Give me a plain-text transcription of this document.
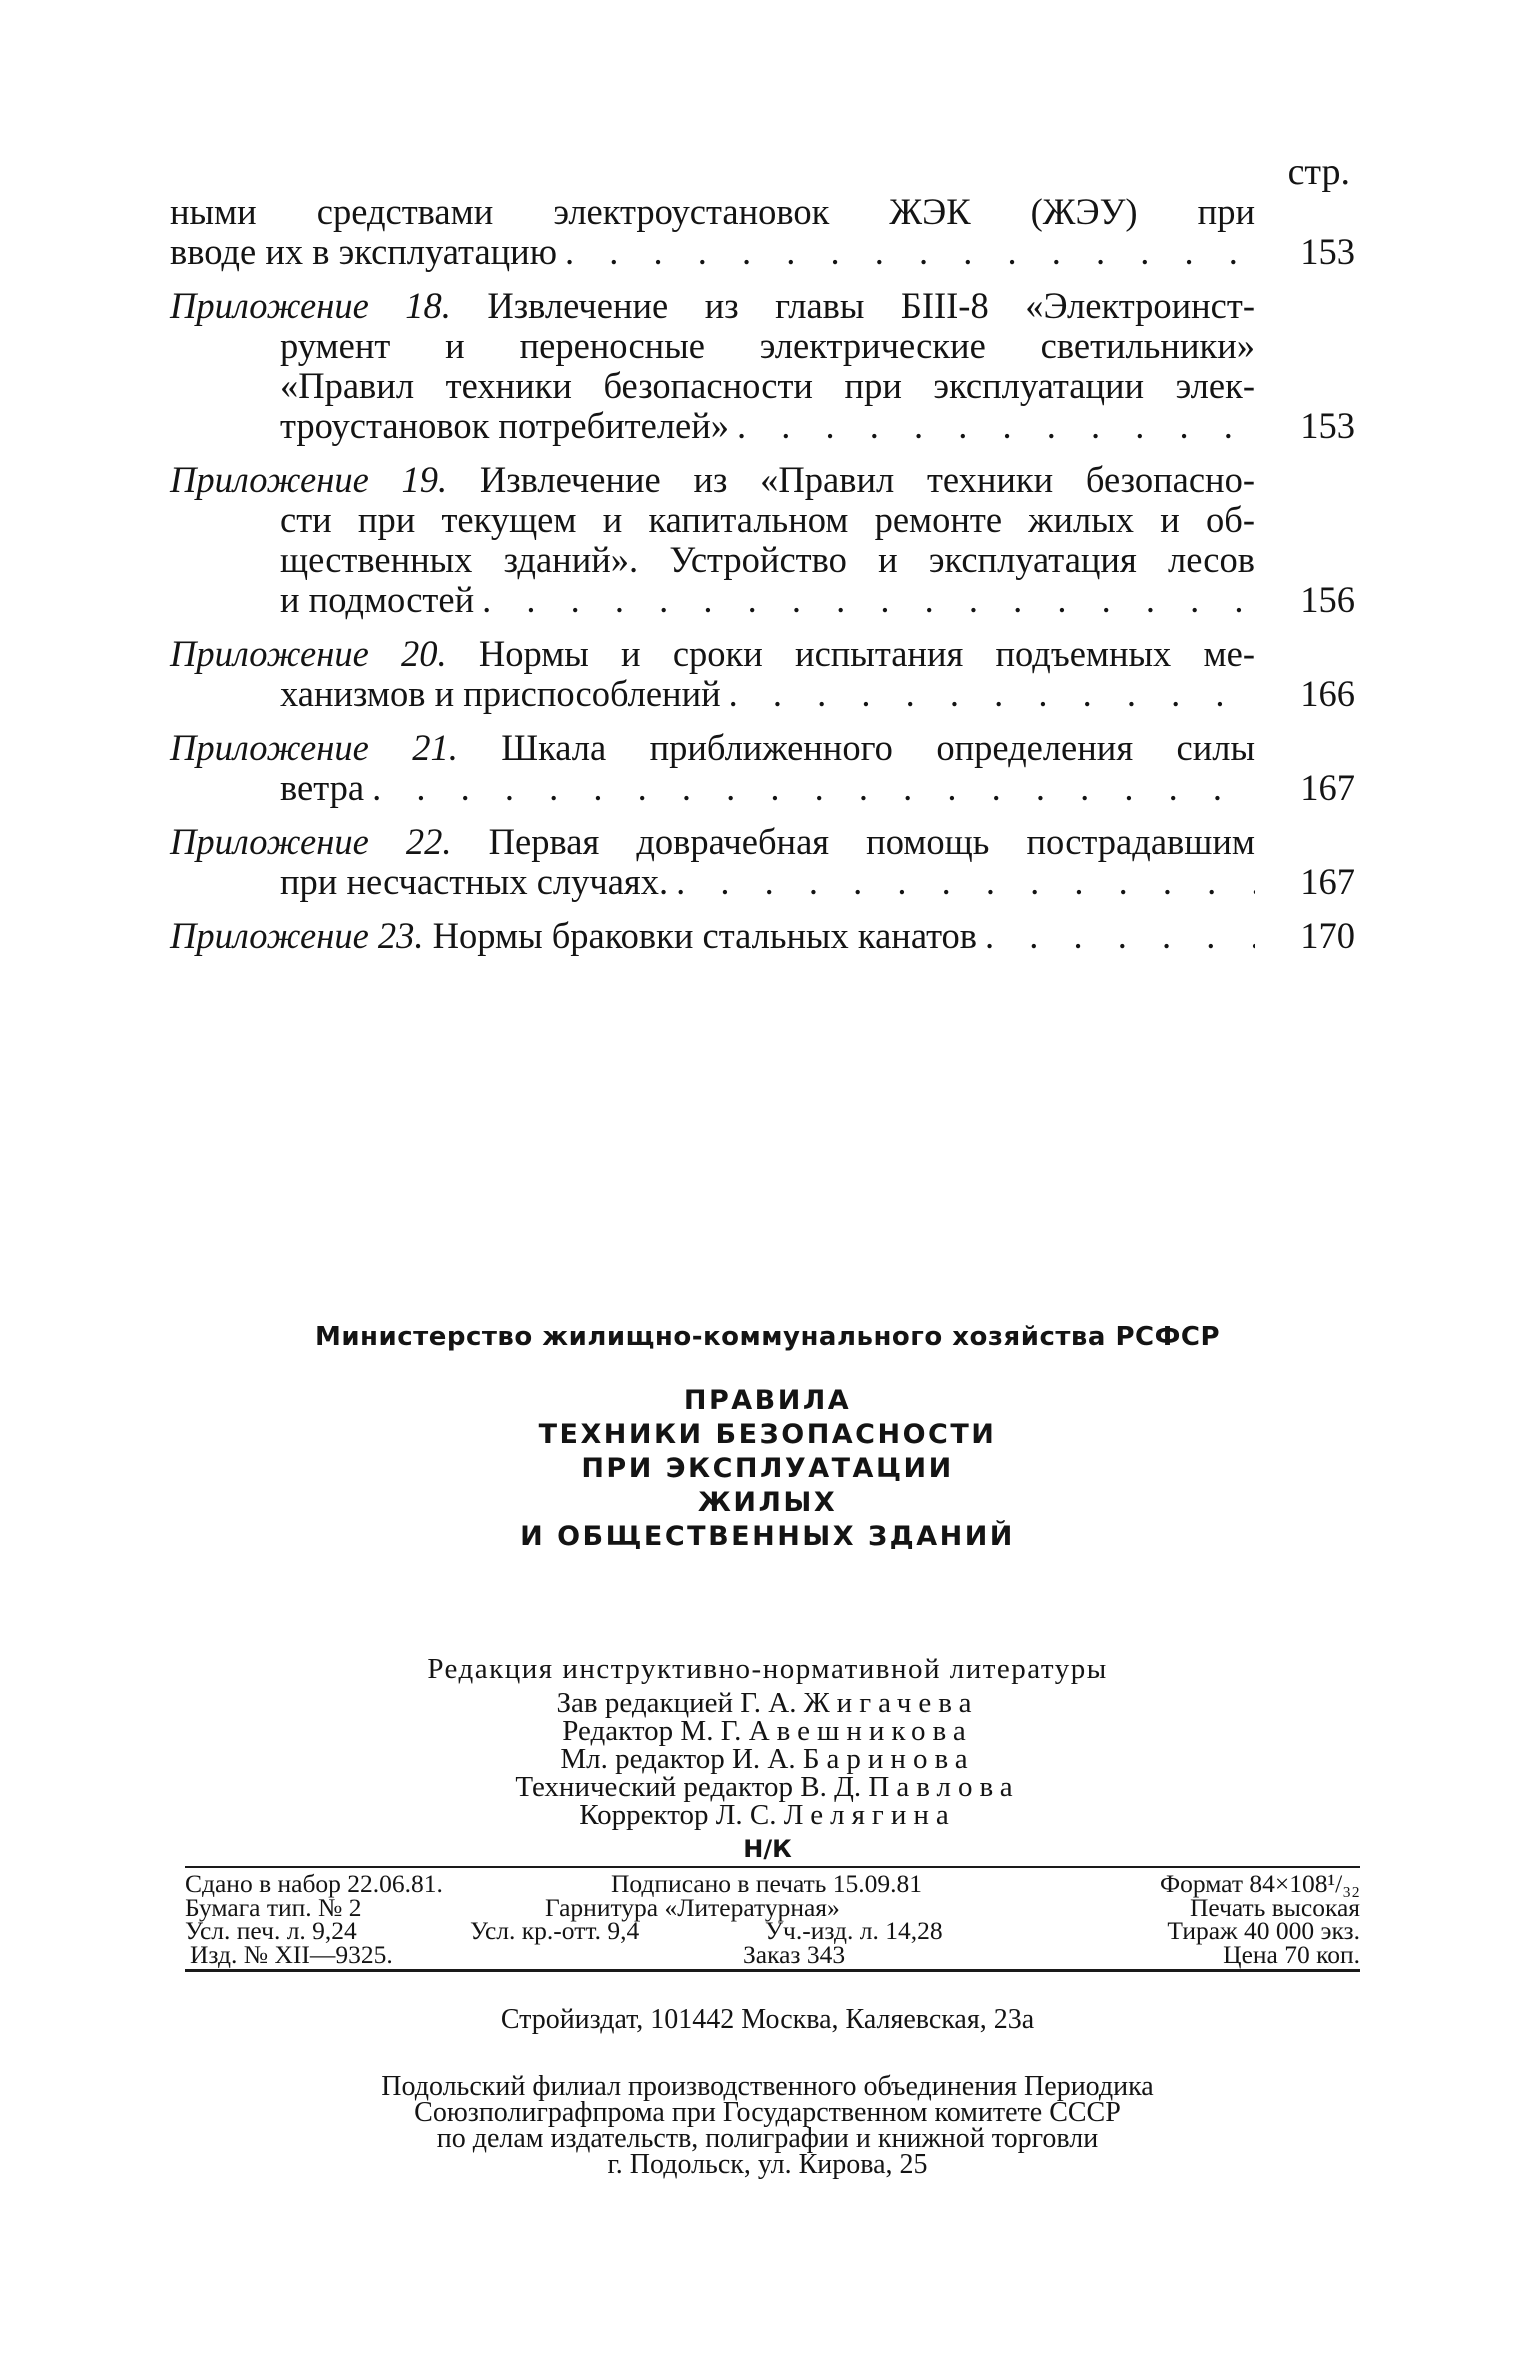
стр.
ными средствами электроустановок ЖЭК (ЖЭУ) при
вводе их в эксплуатацию . . .	153
Приложение 18. Извлечение из главы БIII-8 «Электроинст-
румент и переносные электрические светильники»
«Правил техники безопасности при эксплуатации элек-
троустановок потребителей» . . .	153
Приложение 19. Извлечение из «Правил техники безопасно-
сти при текущем и капитальном ремонте жилых и об-
щественных зданий». Устройство и эксплуатация лесов
и подмостей . . .	156
Приложение 20. Нормы и сроки испытания подъемных ме-
ханизмов и приспособлений . . .	166
Приложение 21. Шкала приближенного определения силы
ветра . . .	167
Приложение 22. Первая доврачебная помощь пострадавшим
при несчастных случаях. . . .	167
Приложение 23. Нормы браковки стальных канатов . . .	170
Министерство жилищно-коммунального хозяйства РСФСР
ПРАВИЛА
ТЕХНИКИ БЕЗОПАСНОСТИ
ПРИ ЭКСПЛУАТАЦИИ
ЖИЛЫХ
И ОБЩЕСТВЕННЫХ ЗДАНИЙ
Редакция инструктивно-нормативной литературы
Зав редакцией Г. А. Жигачева
Редактор М. Г. Авешникова
Мл. редактор И. А. Баринова
Технический редактор В. Д. Павлова
Корректор Л. С. Лелягина
Н/К
Сдано в набор 22.06.81.	Подписано в печать 15.09.81	Формат 84×108¹/₃₂
Бумага тип. № 2	Гарнитура «Литературная»	Печать высокая
Усл. печ. л. 9,24	Усл. кр.-отт. 9,4	Уч.-изд. л. 14,28	Тираж 40 000 экз.
Изд. № XII—9325.	Заказ 343	Цена 70 коп.
Стройиздат, 101442 Москва, Каляевская, 23а
Подольский филиал производственного объединения Периодика
Союзполиграфпрома при Государственном комитете СССР
по делам издательств, полиграфии и книжной торговли
г. Подольск, ул. Кирова, 25
